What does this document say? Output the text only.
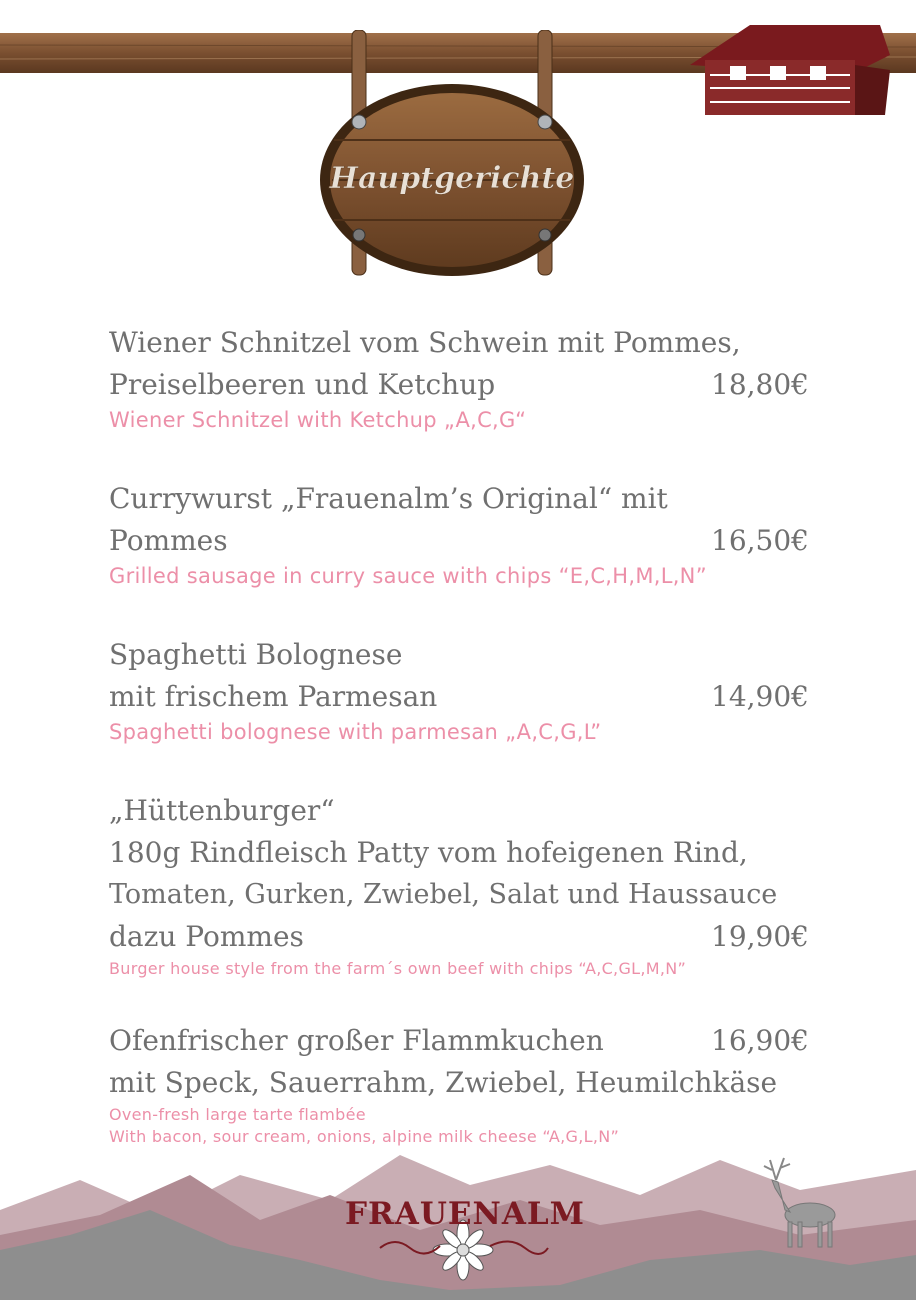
Hauptgerichte
Wiener Schnitzel vom Schwein mit Pommes,
Preiselbeeren und Ketchup	18,80€
Wiener Schnitzel with Ketchup „A,C,G“
Currywurst „Frauenalm’s Original“ mit
Pommes	16,50€
Grilled sausage in curry sauce with chips “E,C,H,M,L,N”
Spaghetti Bolognese
mit frischem Parmesan	14,90€
Spaghetti bolognese with parmesan „A,C,G,L”
„Hüttenburger“
180g Rindfleisch Patty vom hofeigenen Rind,
Tomaten, Gurken, Zwiebel, Salat und Haussauce
dazu Pommes	19,90€
Burger house style from the farm´s own beef with chips “A,C,GL,M,N”
Ofenfrischer großer Flammkuchen	16,90€
mit Speck, Sauerrahm, Zwiebel, Heumilchkäse
Oven-fresh large tarte flambée
With bacon, sour cream, onions, alpine milk cheese “A,G,L,N”
FRAUENALM
